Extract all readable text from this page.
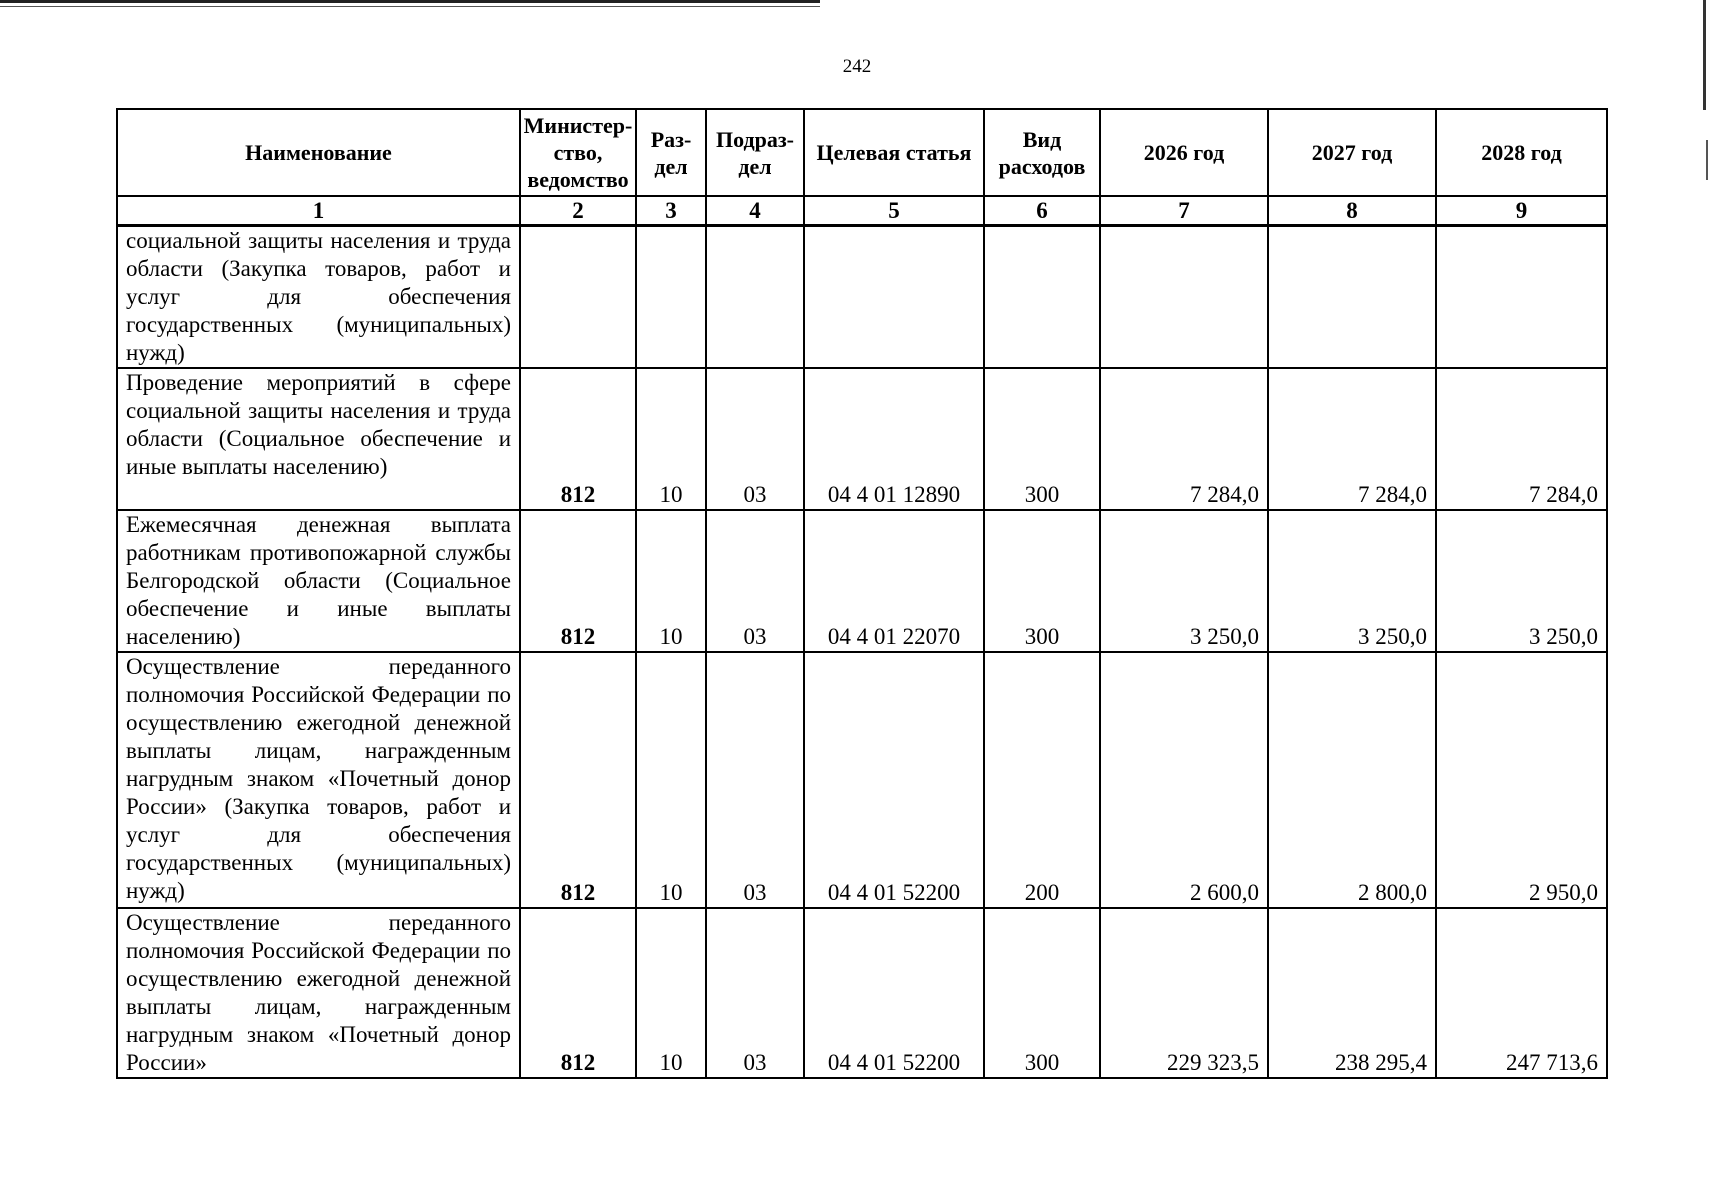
242
Наименование	Министер-ство, ведомство	Раз-дел	Подраз-дел	Целевая статья	Вид расходов	2026 год	2027 год	2028 год
1	2	3	4	5	6	7	8	9

социальной защиты населения и труда области (Закупка товаров, работ и услуг для обеспечения государственных (муниципальных) нужд)								

Проведение мероприятий в сфере социальной защиты населения и труда области (Социальное обеспечение и иные выплаты населению)	812	10	03	04 4 01 12890	300	7 284,0	7 284,0	7 284,0

Ежемесячная денежная выплата работникам противопожарной службы Белгородской области (Социальное обеспечение и иные выплаты населению)	812	10	03	04 4 01 22070	300	3 250,0	3 250,0	3 250,0

Осуществление переданного полномочия Российской Федерации по осуществлению ежегодной денежной выплаты лицам, награжденным нагрудным знаком «Почетный донор России» (Закупка товаров, работ и услуг для обеспечения государственных (муниципальных) нужд)	812	10	03	04 4 01 52200	200	2 600,0	2 800,0	2 950,0

Осуществление переданного полномочия Российской Федерации по осуществлению ежегодной денежной выплаты лицам, награжденным нагрудным знаком «Почетный донор России»	812	10	03	04 4 01 52200	300	229 323,5	238 295,4	247 713,6
